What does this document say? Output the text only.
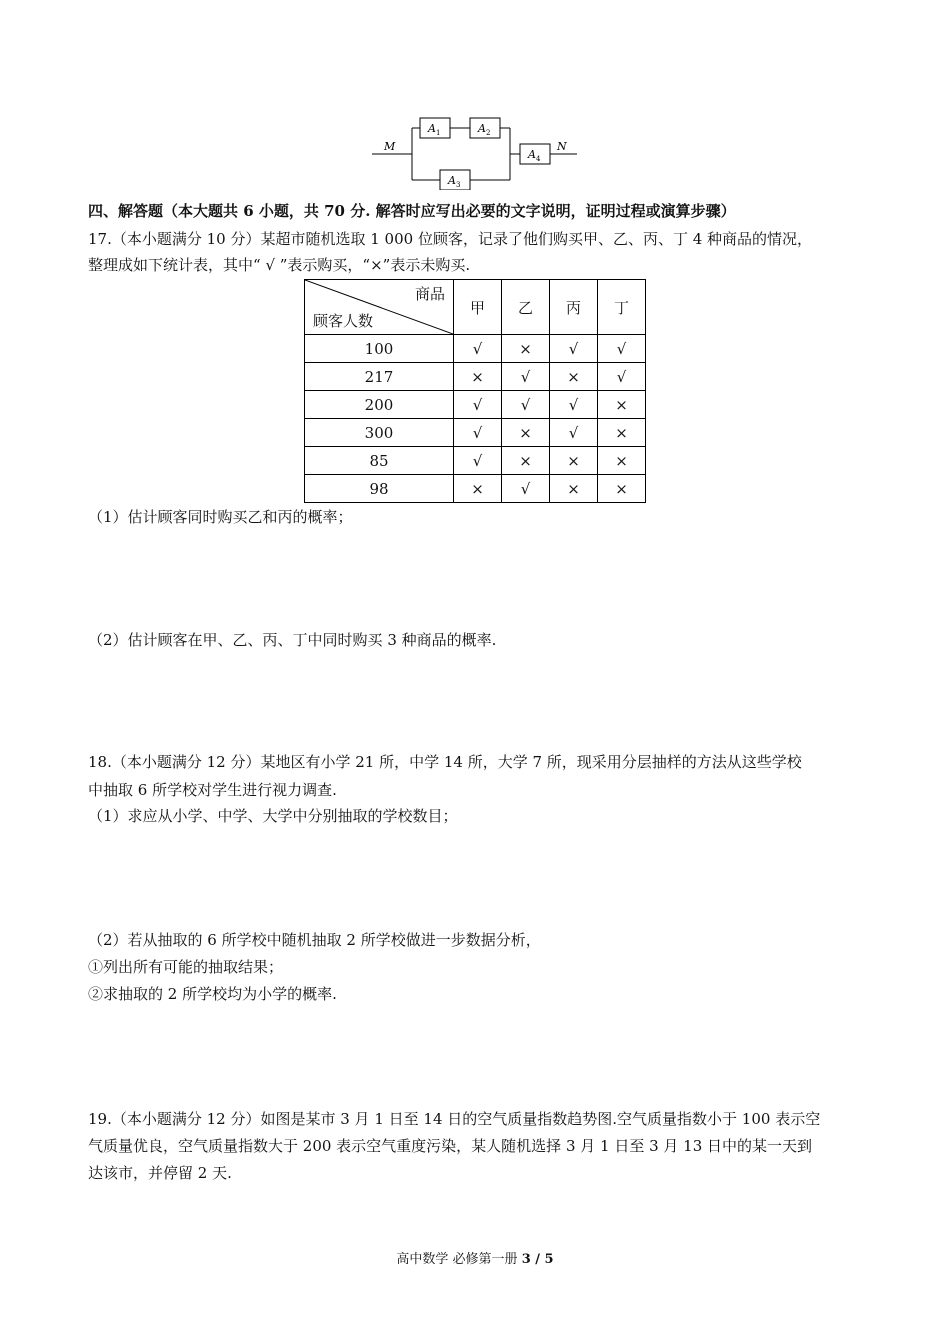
M
A 1	A 2
A 3
A 4
N
四、解答题（本大题共 6 小题，共 70 分. 解答时应写出必要的文字说明，证明过程或演算步骤）
17.（本小题满分 10 分）某超市随机选取 1 000 位顾客，记录了他们购买甲、乙、丙、丁 4 种商品的情况，
整理成如下统计表，其中“ √ ”表示购买，“×”表示未购买.
商品
顾客人数	甲	乙	丙	丁
100	√	×	√	√
217	×	√	×	√
200	√	√	√	×
300	√	×	√	×
85	√	×	×	×
98	×	√	×	×
（1）估计顾客同时购买乙和丙的概率；
（2）估计顾客在甲、乙、丙、丁中同时购买 3 种商品的概率.
18.（本小题满分 12 分）某地区有小学 21 所，中学 14 所，大学 7 所，现采用分层抽样的方法从这些学校
中抽取 6 所学校对学生进行视力调查.
（1）求应从小学、中学、大学中分别抽取的学校数目；
（2）若从抽取的 6 所学校中随机抽取 2 所学校做进一步数据分析，
①列出所有可能的抽取结果；
②求抽取的 2 所学校均为小学的概率.
19.（本小题满分 12 分）如图是某市 3 月 1 日至 14 日的空气质量指数趋势图.空气质量指数小于 100 表示空
气质量优良，空气质量指数大于 200 表示空气重度污染，某人随机选择 3 月 1 日至 3 月 13 日中的某一天到
达该市，并停留 2 天.
高中数学 必修第一册 3 / 5
